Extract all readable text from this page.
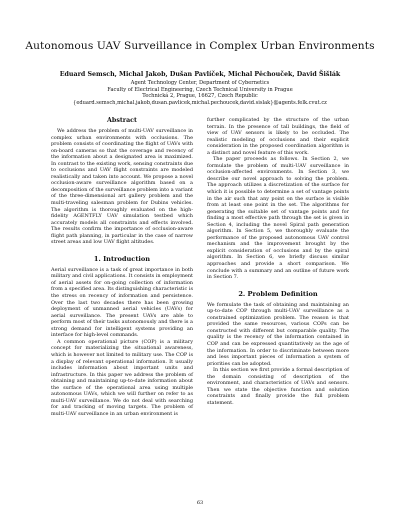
Autonomous UAV Surveillance in Complex Urban Environments
Eduard Semsch, Michal Jakob, Dušan Pavlíček, Michal Pěchouček, David Šišlák
Agent Technology Center, Department of Cybernetics
Faculty of Electrical Engineering, Czech Technical University in Prague
Technická 2, Prague, 16627, Czech Republic
{eduard.semsch,michal.jakob,dusan.pavlicek,michal.pechoucek,david.sislak}@agents.felk.cvut.cz
Abstract

We address the problem of multi-UAV surveillance in complex urban environments with occlusions. The problem consists of coordinating the flight of UAVs with on-board cameras so that the coverage and recency of the information about a designated area is maximized. In contrast to the existing work, sensing constraints due to occlusions and UAV flight constraints are modeled realistically and taken into account. We propose a novel occlusion-aware surveillance algorithm based on a decomposition of the surveillance problem into a variant of the three-dimensional art gallery problem and the multi-traveling salesman problem for Dubins vehicles. The algorithm is thoroughly evaluated on the high-fidelity AGENTFLY UAV simulation testbed which accurately models all constraints and effects involved. The results confirm the importance of occlusion-aware flight path planning, in particular in the case of narrow street areas and low UAV flight altitudes.

1. Introduction

Aerial surveillance is a task of great importance in both military and civil applications. It consists in employment of aerial assets for on-going collection of information from a specified area. Its distinguishing characteristic is the stress on recency of information and persistence. Over the last two decades there has been growing deployment of unmanned aerial vehicles (UAVs) for aerial surveillance. The present UAVs are able to perform most of their tasks autonomously and there is a strong demand for intelligent systems providing an interface for high-level commands.

A common operational picture (COP) is a military concept for materializing the situational awareness, which is however not limited to military use. The COP is a display of relevant operational information. It usually includes information about important units and infrastructure. In this paper we address the problem of obtaining and maintaining up-to-date information about the surface of the operational area using multiple autonomous UAVs, which we will further on refer to as multi-UAV surveillance. We do not deal with searching for and tracking of moving targets. The problem of multi-UAV surveillance in an urban environment is

further complicated by the structure of the urban terrain. In the presence of tall buildings, the field of view of UAV sensors is likely to be occluded. The realistic modeling of occlusions and their explicit consideration in the proposed coordination algorithm is a distinct and novel feature of this work.

The paper proceeds as follows. In Section 2, we formulate the problem of multi-UAV surveillance in occlusion-affected environments. In Section 3, we describe our novel approach to solving the problem. The approach utilizes a discretization of the surface for which it is possible to determine a set of vantage points in the air such that any point on the surface is visible from at least one point in the set. The algorithms for generating the suitable set of vantage points and for finding a most effective path through the set is given in Section 4, including the novel Spiral path generation algorithm. In Section 5, we thoroughly evaluate the performance of the proposed autonomous UAV control mechanism and the improvement brought by the explicit consideration of occlusions and by the spiral algorithm. In Section 6, we briefly discuss similar approaches and provide a short comparison. We conclude with a summary and an outline of future work in Section 7.

2. Problem Definition

We formulate the task of obtaining and maintaining an up-to-date COP through multi-UAV surveillance as a constrained optimization problem. The reason is that provided the same resources, various COPs can be constructed with different but comparable quality. The quality is the recency of the information contained in COP and can be expressed quantitatively as the age of the information. In order to discriminate between more and less important pieces of information a system of priorities can be adopted.

In this section we first provide a formal description of the domain consisting of description of the environment, and characteristics of UAVs and sensors. Then we state the objective function and solution constraints and finally provide the full problem statement.

63
